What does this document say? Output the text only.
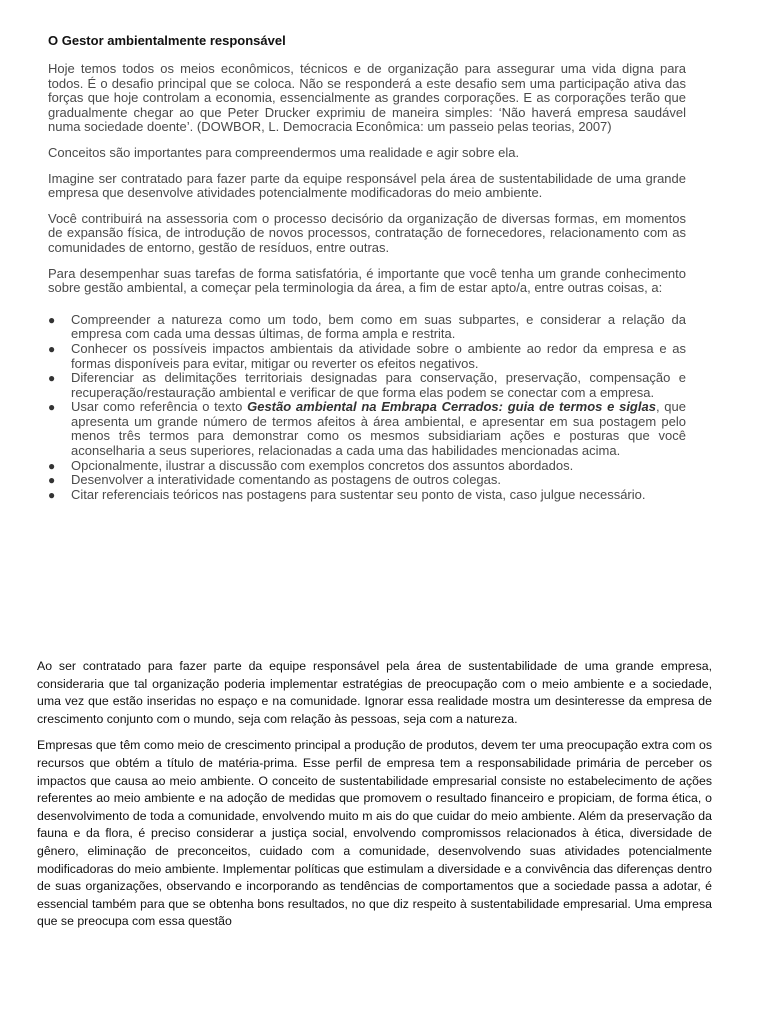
O Gestor ambientalmente responsável

Hoje temos todos os meios econômicos, técnicos e de organização para assegurar uma vida digna para todos. É o desafio principal que se coloca. Não se responderá a este desafio sem uma participação ativa das forças que hoje controlam a economia, essencialmente as grandes corporações. E as corporações terão que gradualmente chegar ao que Peter Drucker exprimiu de maneira simples: ‘Não haverá empresa saudável numa sociedade doente’. (DOWBOR, L. Democracia Econômica: um passeio pelas teorias, 2007)

Conceitos são importantes para compreendermos uma realidade e agir sobre ela.

Imagine ser contratado para fazer parte da equipe responsável pela área de sustentabilidade de uma grande empresa que desenvolve atividades potencialmente modificadoras do meio ambiente.

Você contribuirá na assessoria com o processo decisório da organização de diversas formas, em momentos de expansão física, de introdução de novos processos, contratação de fornecedores, relacionamento com as comunidades de entorno, gestão de resíduos, entre outras.

Para desempenhar suas tarefas de forma satisfatória, é importante que você tenha um grande conhecimento sobre gestão ambiental, a começar pela terminologia da área, a fim de estar apto/a, entre outras coisas, a:

● Compreender a natureza como um todo, bem como em suas subpartes, e considerar a relação da empresa com cada uma dessas últimas, de forma ampla e restrita.
● Conhecer os possíveis impactos ambientais da atividade sobre o ambiente ao redor da empresa e as formas disponíveis para evitar, mitigar ou reverter os efeitos negativos.
● Diferenciar as delimitações territoriais designadas para conservação, preservação, compensação e recuperação/restauração ambiental e verificar de que forma elas podem se conectar com a empresa.
● Usar como referência o texto Gestão ambiental na Embrapa Cerrados: guia de termos e siglas, que apresenta um grande número de termos afeitos à área ambiental, e apresentar em sua postagem pelo menos três termos para demonstrar como os mesmos subsidiariam ações e posturas que você aconselharia a seus superiores, relacionadas a cada uma das habilidades mencionadas acima.
● Opcionalmente, ilustrar a discussão com exemplos concretos dos assuntos abordados.
● Desenvolver a interatividade comentando as postagens de outros colegas.
● Citar referenciais teóricos nas postagens para sustentar seu ponto de vista, caso julgue necessário.

Ao ser contratado para fazer parte da equipe responsável pela área de sustentabilidade de uma grande empresa, consideraria que tal organização poderia implementar estratégias de preocupação com o meio ambiente e a sociedade, uma vez que estão inseridas no espaço e na comunidade. Ignorar essa realidade mostra um desinteresse da empresa de crescimento conjunto com o mundo, seja com relação às pessoas, seja com a natureza.

Empresas que têm como meio de crescimento principal a produção de produtos, devem ter uma preocupação extra com os recursos que obtém a título de matéria-prima. Esse perfil de empresa tem a responsabilidade primária de perceber os impactos que causa ao meio ambiente. O conceito de sustentabilidade empresarial consiste no estabelecimento de ações referentes ao meio ambiente e na adoção de medidas que promovem o resultado financeiro e propiciam, de forma ética, o desenvolvimento de toda a comunidade, envolvendo muito m ais do que cuidar do meio ambiente. Além da preservação da fauna e da flora, é preciso considerar a justiça social, envolvendo compromissos relacionados à ética, diversidade de gênero, eliminação de preconceitos, cuidado com a comunidade, desenvolvendo suas atividades potencialmente modificadoras do meio ambiente. Implementar políticas que estimulam a diversidade e a convivência das diferenças dentro de suas organizações, observando e incorporando as tendências de comportamentos que a sociedade passa a adotar, é essencial também para que se obtenha bons resultados, no que diz respeito à sustentabilidade empresarial. Uma empresa que se preocupa com essa questão
